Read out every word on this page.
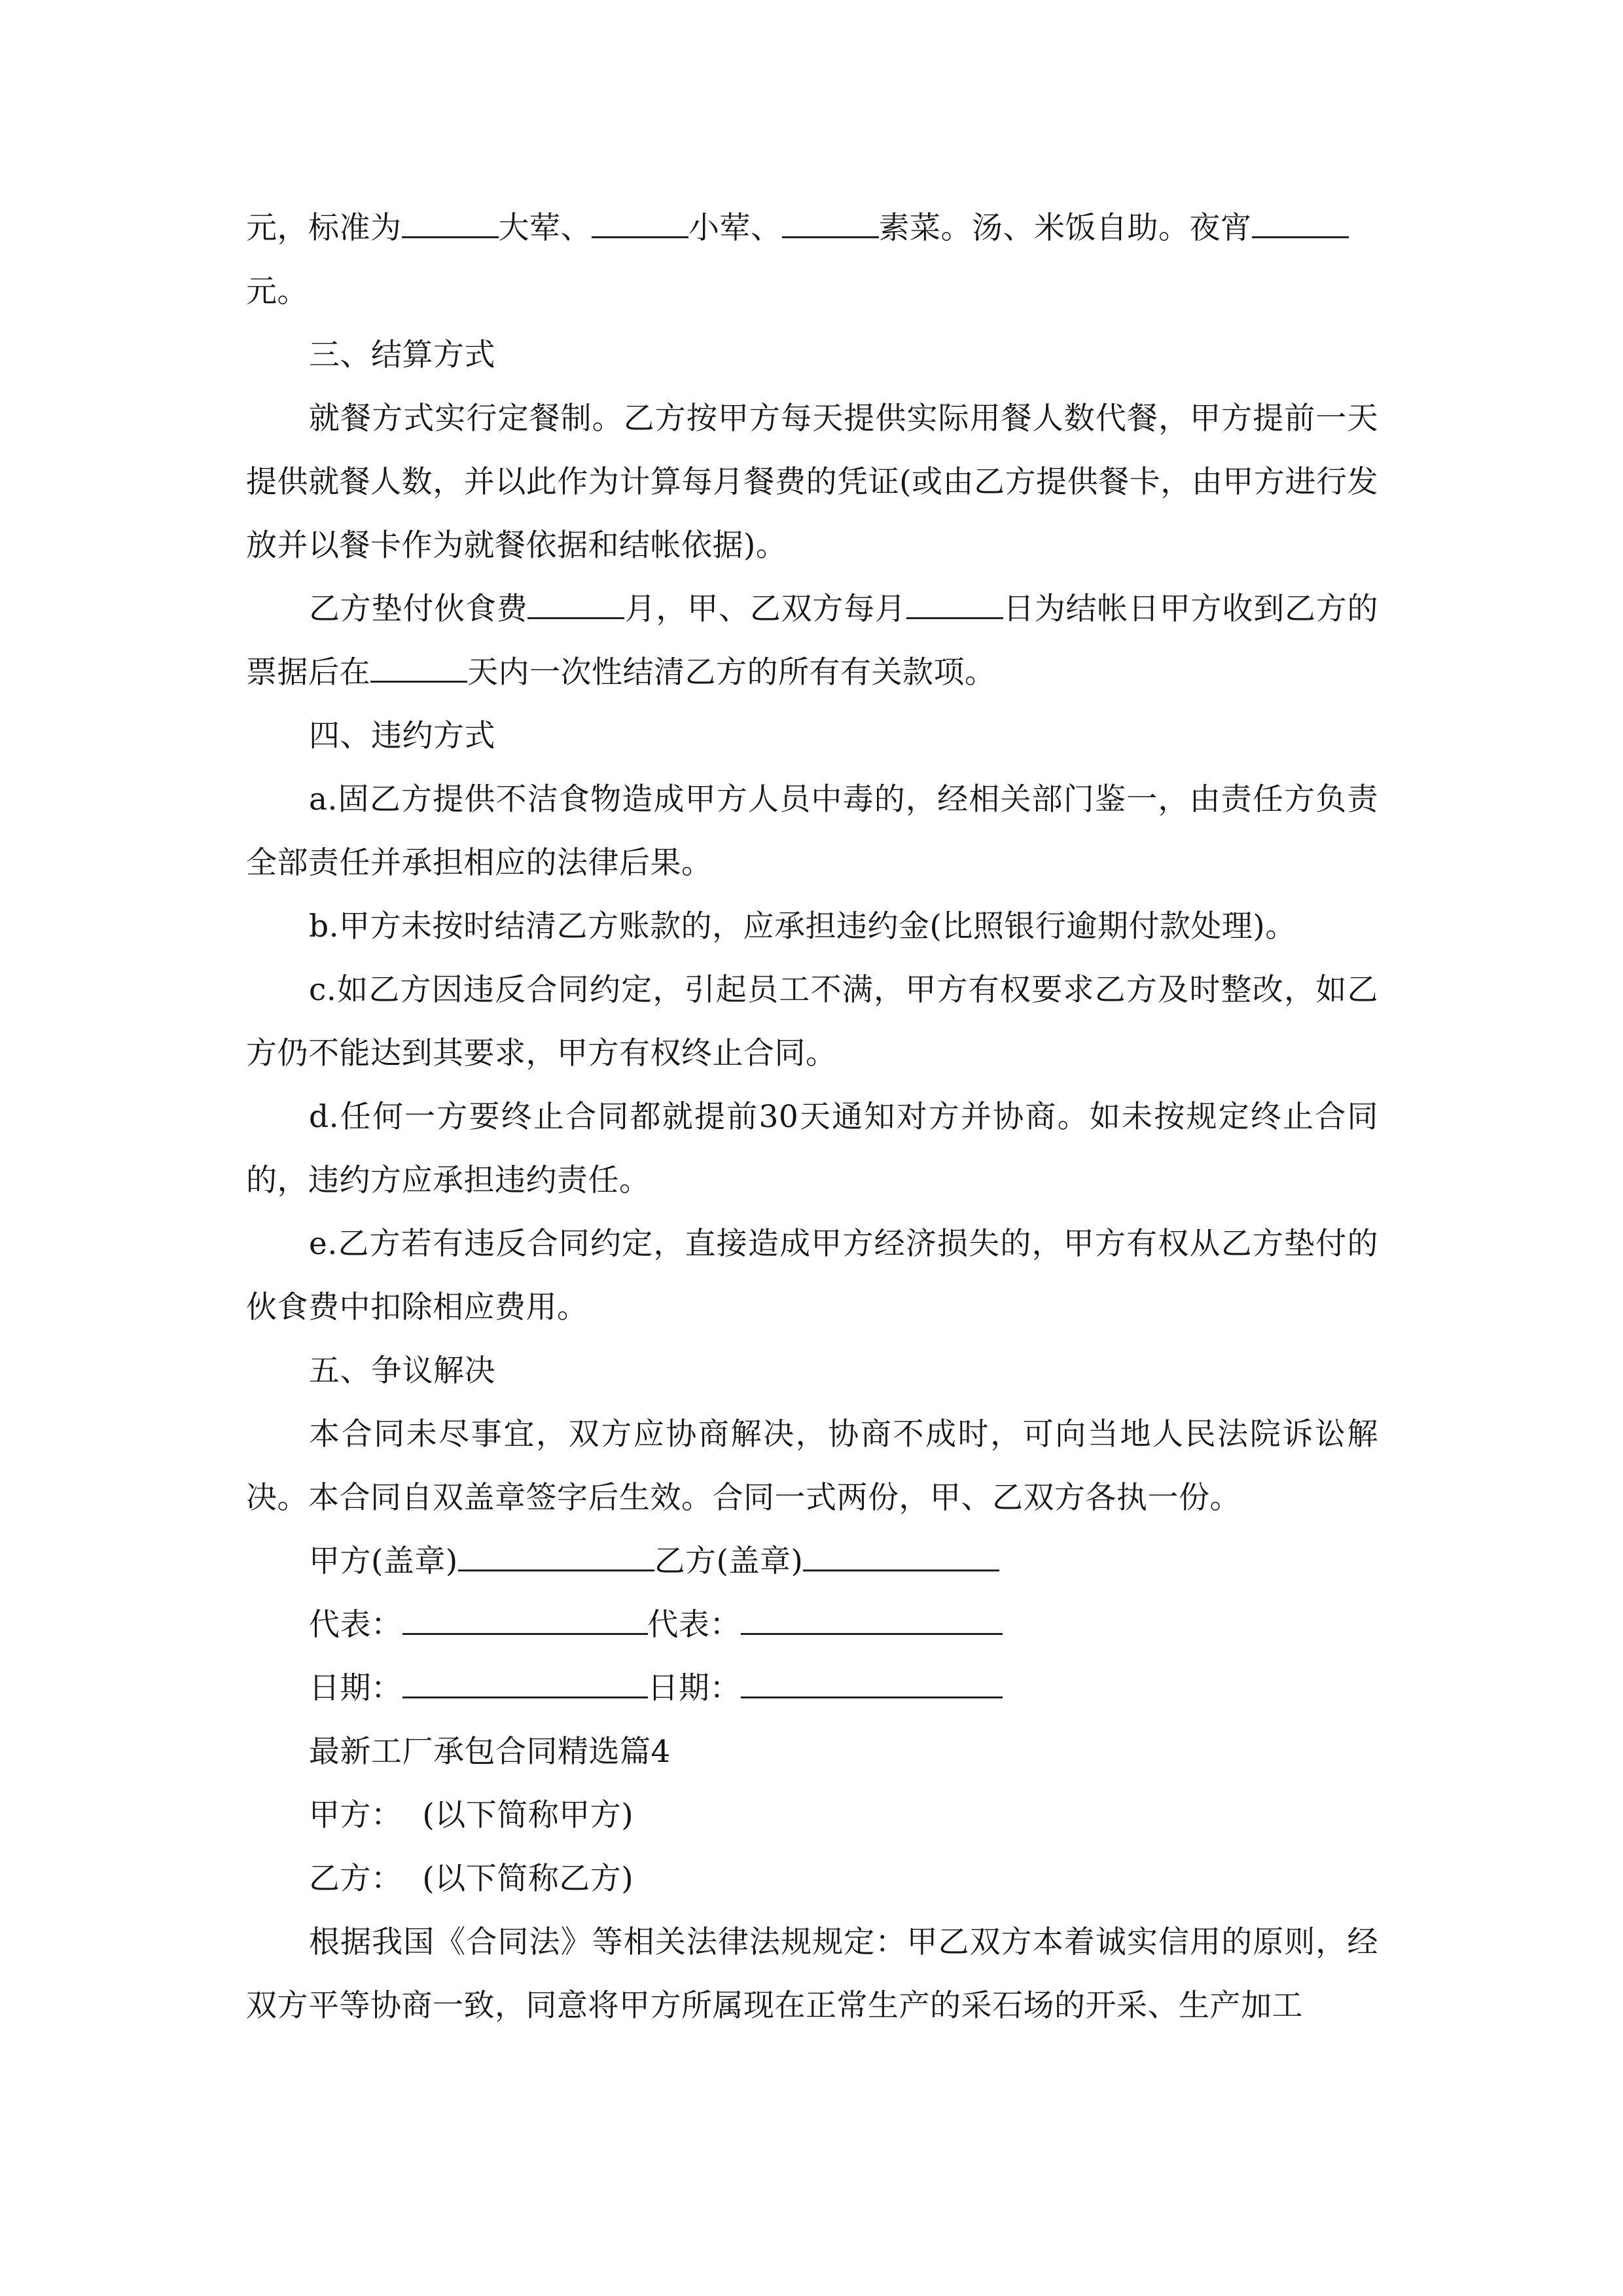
元，标准为	大荤、	小荤、	素菜。汤、米饭自助。夜宵
元。

三、结算方式

就餐方式实行定餐制。乙方按甲方每天提供实际用餐人数代餐，甲方提前一天提供就餐人数，并以此作为计算每月餐费的凭证(或由乙方提供餐卡，由甲方进行发放并以餐卡作为就餐依据和结帐依据)。

乙方垫付伙食费	月，甲、乙双方每月	日为结帐日甲方收到乙方的票据后在	天内一次性结清乙方的所有有关款项。

四、违约方式

a.固乙方提供不洁食物造成甲方人员中毒的，经相关部门鉴一，由责任方负责全部责任并承担相应的法律后果。

b.甲方未按时结清乙方账款的，应承担违约金(比照银行逾期付款处理)。

c.如乙方因违反合同约定，引起员工不满，甲方有权要求乙方及时整改，如乙方仍不能达到其要求，甲方有权终止合同。

d.任何一方要终止合同都就提前30天通知对方并协商。如未按规定终止合同的，违约方应承担违约责任。

e.乙方若有违反合同约定，直接造成甲方经济损失的，甲方有权从乙方垫付的伙食费中扣除相应费用。

五、争议解决

本合同未尽事宜，双方应协商解决，协商不成时，可向当地人民法院诉讼解决。本合同自双盖章签字后生效。合同一式两份，甲、乙双方各执一份。

甲方(盖章)	乙方(盖章)

代表：	代表：

日期：	日期：

最新工厂承包合同精选篇4

甲方：  (以下简称甲方)

乙方：  (以下简称乙方)

根据我国《合同法》等相关法律法规规定：甲乙双方本着诚实信用的原则，经双方平等协商一致，同意将甲方所属现在正常生产的采石场的开采、生产加工
